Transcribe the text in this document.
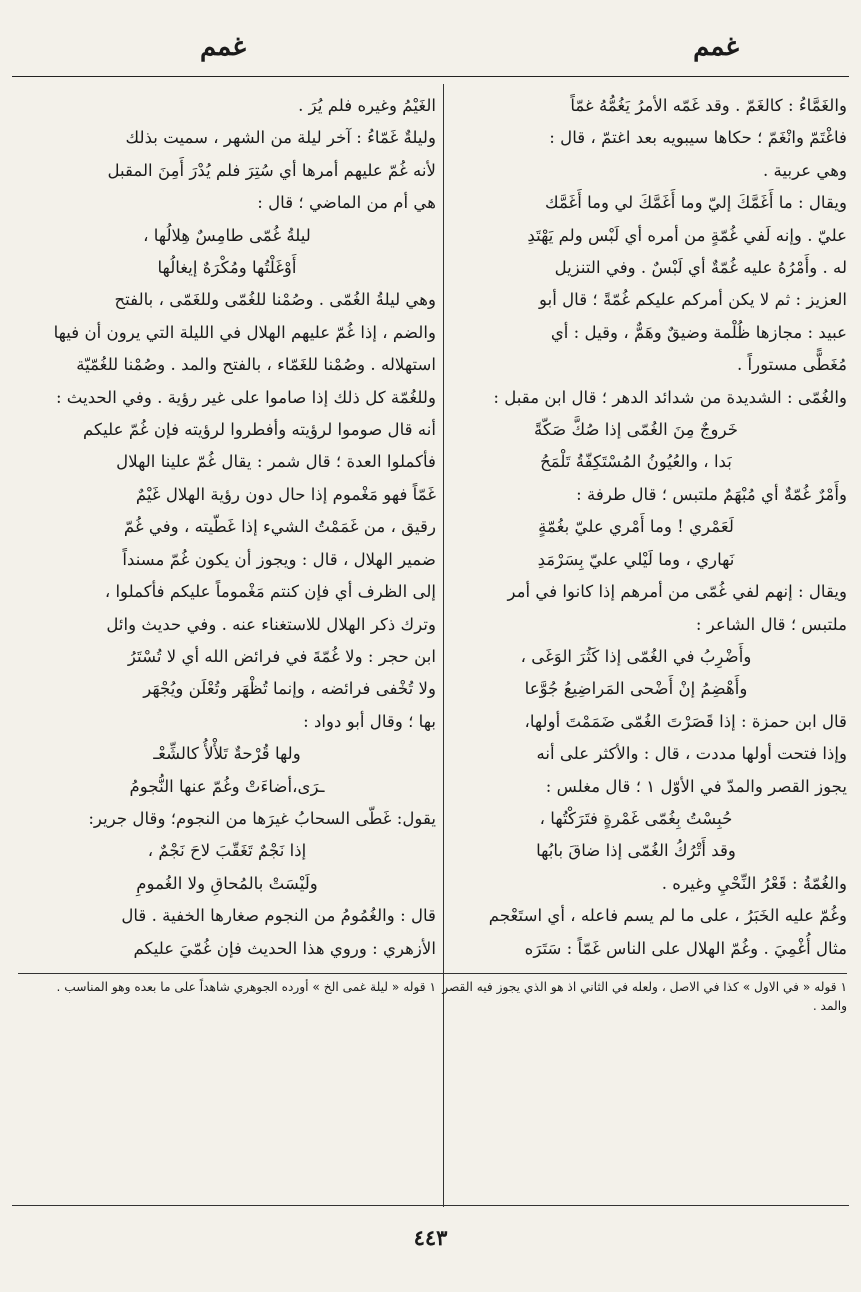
غمم
غمم

والغَمَّاءُ : كالغَمّ . وقد غَمّه الأمرُ يَغُمُّهُ غمّاً

فاغْتَمّ وانْغَمّ ؛ حكاها سيبويه بعد اغتمّ ، قال :

وهي عربية .

ويقال : ما أَغَمَّكَ إليّ وما أَغَمَّكَ لي وما أَغَمَّك

عليّ . وإنه لَفي غُمّةٍ من أمره أي لَبْس ولم يَهْتَدِ

له . وأَمْرُهُ عليه غُمّةٌ أي لَبْسٌ . وفي التنزيل

العزيز : ثم لا يكن أمركم عليكم غُمّةً ؛ قال أبو

عبيد : مجازها ظُلْمة وضيقٌ وهَمٌّ ، وقيل : أي

مُغَطًّى مستوراً .

والغُمّى : الشديدة من شدائد الدهر ؛ قال ابن مقبل :

خَروجٌ مِنَ الغُمّى إذا صُكَّ صَكّةً

بَدا ، والعُيُونُ المُسْتَكِفّةُ تَلْمَحُ

وأَمْرٌ غُمّةٌ أي مُبْهَمٌ ملتبس ؛ قال طرفة :

لَعَمْري ! وما أَمْري عليّ بغُمّةٍ

نَهاري ، وما لَيْلي عليّ بِسَرْمَدِ

ويقال : إنهم لفي غُمّى من أمرهم إذا كانوا في أمر

ملتبس ؛ قال الشاعر :

وأَضْرِبُ في الغُمّى إذا كَثُرَ الوَغَى ،

وأَهْضِمُ إنْ أَضْحى المَراضِيعُ جُوَّعا

قال ابن حمزة : إذا قَصَرْتَ الغُمّى ضَمَمْتَ أولها،

وإذا فتحت أولها مددت ، قال : والأكثر على أنه

يجوز القصر والمدّ في الأوّل ١ ؛ قال مغلس :

حُبِسْتُ بِغُمّى غَمْرةٍ فتَرَكْتُها ،

وقد أَتْرُكُ الغُمّى إذا ضاقَ بابُها

والغُمّةُ : قَعْرُ النِّحْيِ وغيره .

وغُمّ عليه الخَبَرُ ، على ما لم يسم فاعله ، أي استَعْجم

مثال أُغْمِيَ . وغُمّ الهلال على الناس غَمّاً : سَتَرَه

١ قوله « في الاول » كذا في الاصل ، ولعله في الثاني اذ هو الذي يجوز فيه القصر والمد .

الغَيْمُ وغيره فلم يُرَ .

وليلةٌ غَمّاءُ : آخر ليلة من الشهر ، سميت بذلك

لأنه غُمّ عليهم أمرها أي سُتِرَ فلم يُدْرَ أَمِنَ المقبل

هي أم من الماضي ؛ قال :

ليلةُ غُمّى طامِسٌ هِلالُها ،

أَوْغَلْتُها ومُكْرَهٌ إيغالُها

وهي ليلةُ الغُمّى . وصُمْنا للغُمّى وللغَمّى ، بالفتح

والضم ، إذا غُمّ عليهم الهلال في الليلة التي يرون أن فيها

استهلاله . وصُمْنا للغَمّاء ، بالفتح والمد . وصُمْنا للغُمّيّة

وللغُمّة كل ذلك إذا صاموا على غير رؤية . وفي الحديث :

أنه قال صوموا لرؤيته وأفطروا لرؤيته فإن غُمّ عليكم

فأكملوا العدة ؛ قال شمر : يقال غُمّ علينا الهلال

غَمّاً فهو مَغْموم إذا حال دون رؤية الهلال غَيْمٌ

رقيق ، من غَمَمْتُ الشيء إذا غَطّيته ، وفي غُمّ

ضمير الهلال ، قال : ويجوز أن يكون غُمّ مسنداً

إلى الظرف أي فإن كنتم مَغْموماً عليكم فأكملوا ،

وترك ذكر الهلال للاستغناء عنه . وفي حديث وائل

ابن حجر : ولا غُمّةَ في فرائض الله أي لا تُسْتَرُ

ولا تُخْفى فرائضه ، وإنما تُظْهَر وتُعْلَن ويُجْهَر

بها ؛ وقال أبو دواد :

ولها قُرْحةٌ تَلأْلأُ كالشِّعْـ

ـرَى،أضاءَتْ وغُمّ عنها النُّجومُ

يقول: غَطّى السحابُ غيرَها من النجوم؛ وقال جرير:

إذا نَجْمٌ تَغَقّبَ لاحَ نَجْمٌ ،

ولَيْسَتْ بالمُحاقِ ولا الغُمومِ

قال : والغُمُومُ من النجوم صغارها الخفية . قال

الأزهري : وروي هذا الحديث فإن غُمّيَ عليكم

١ قوله « ليلة غمى الخ » أورده الجوهري شاهداً على ما بعده وهو المناسب .

٤٤٣
